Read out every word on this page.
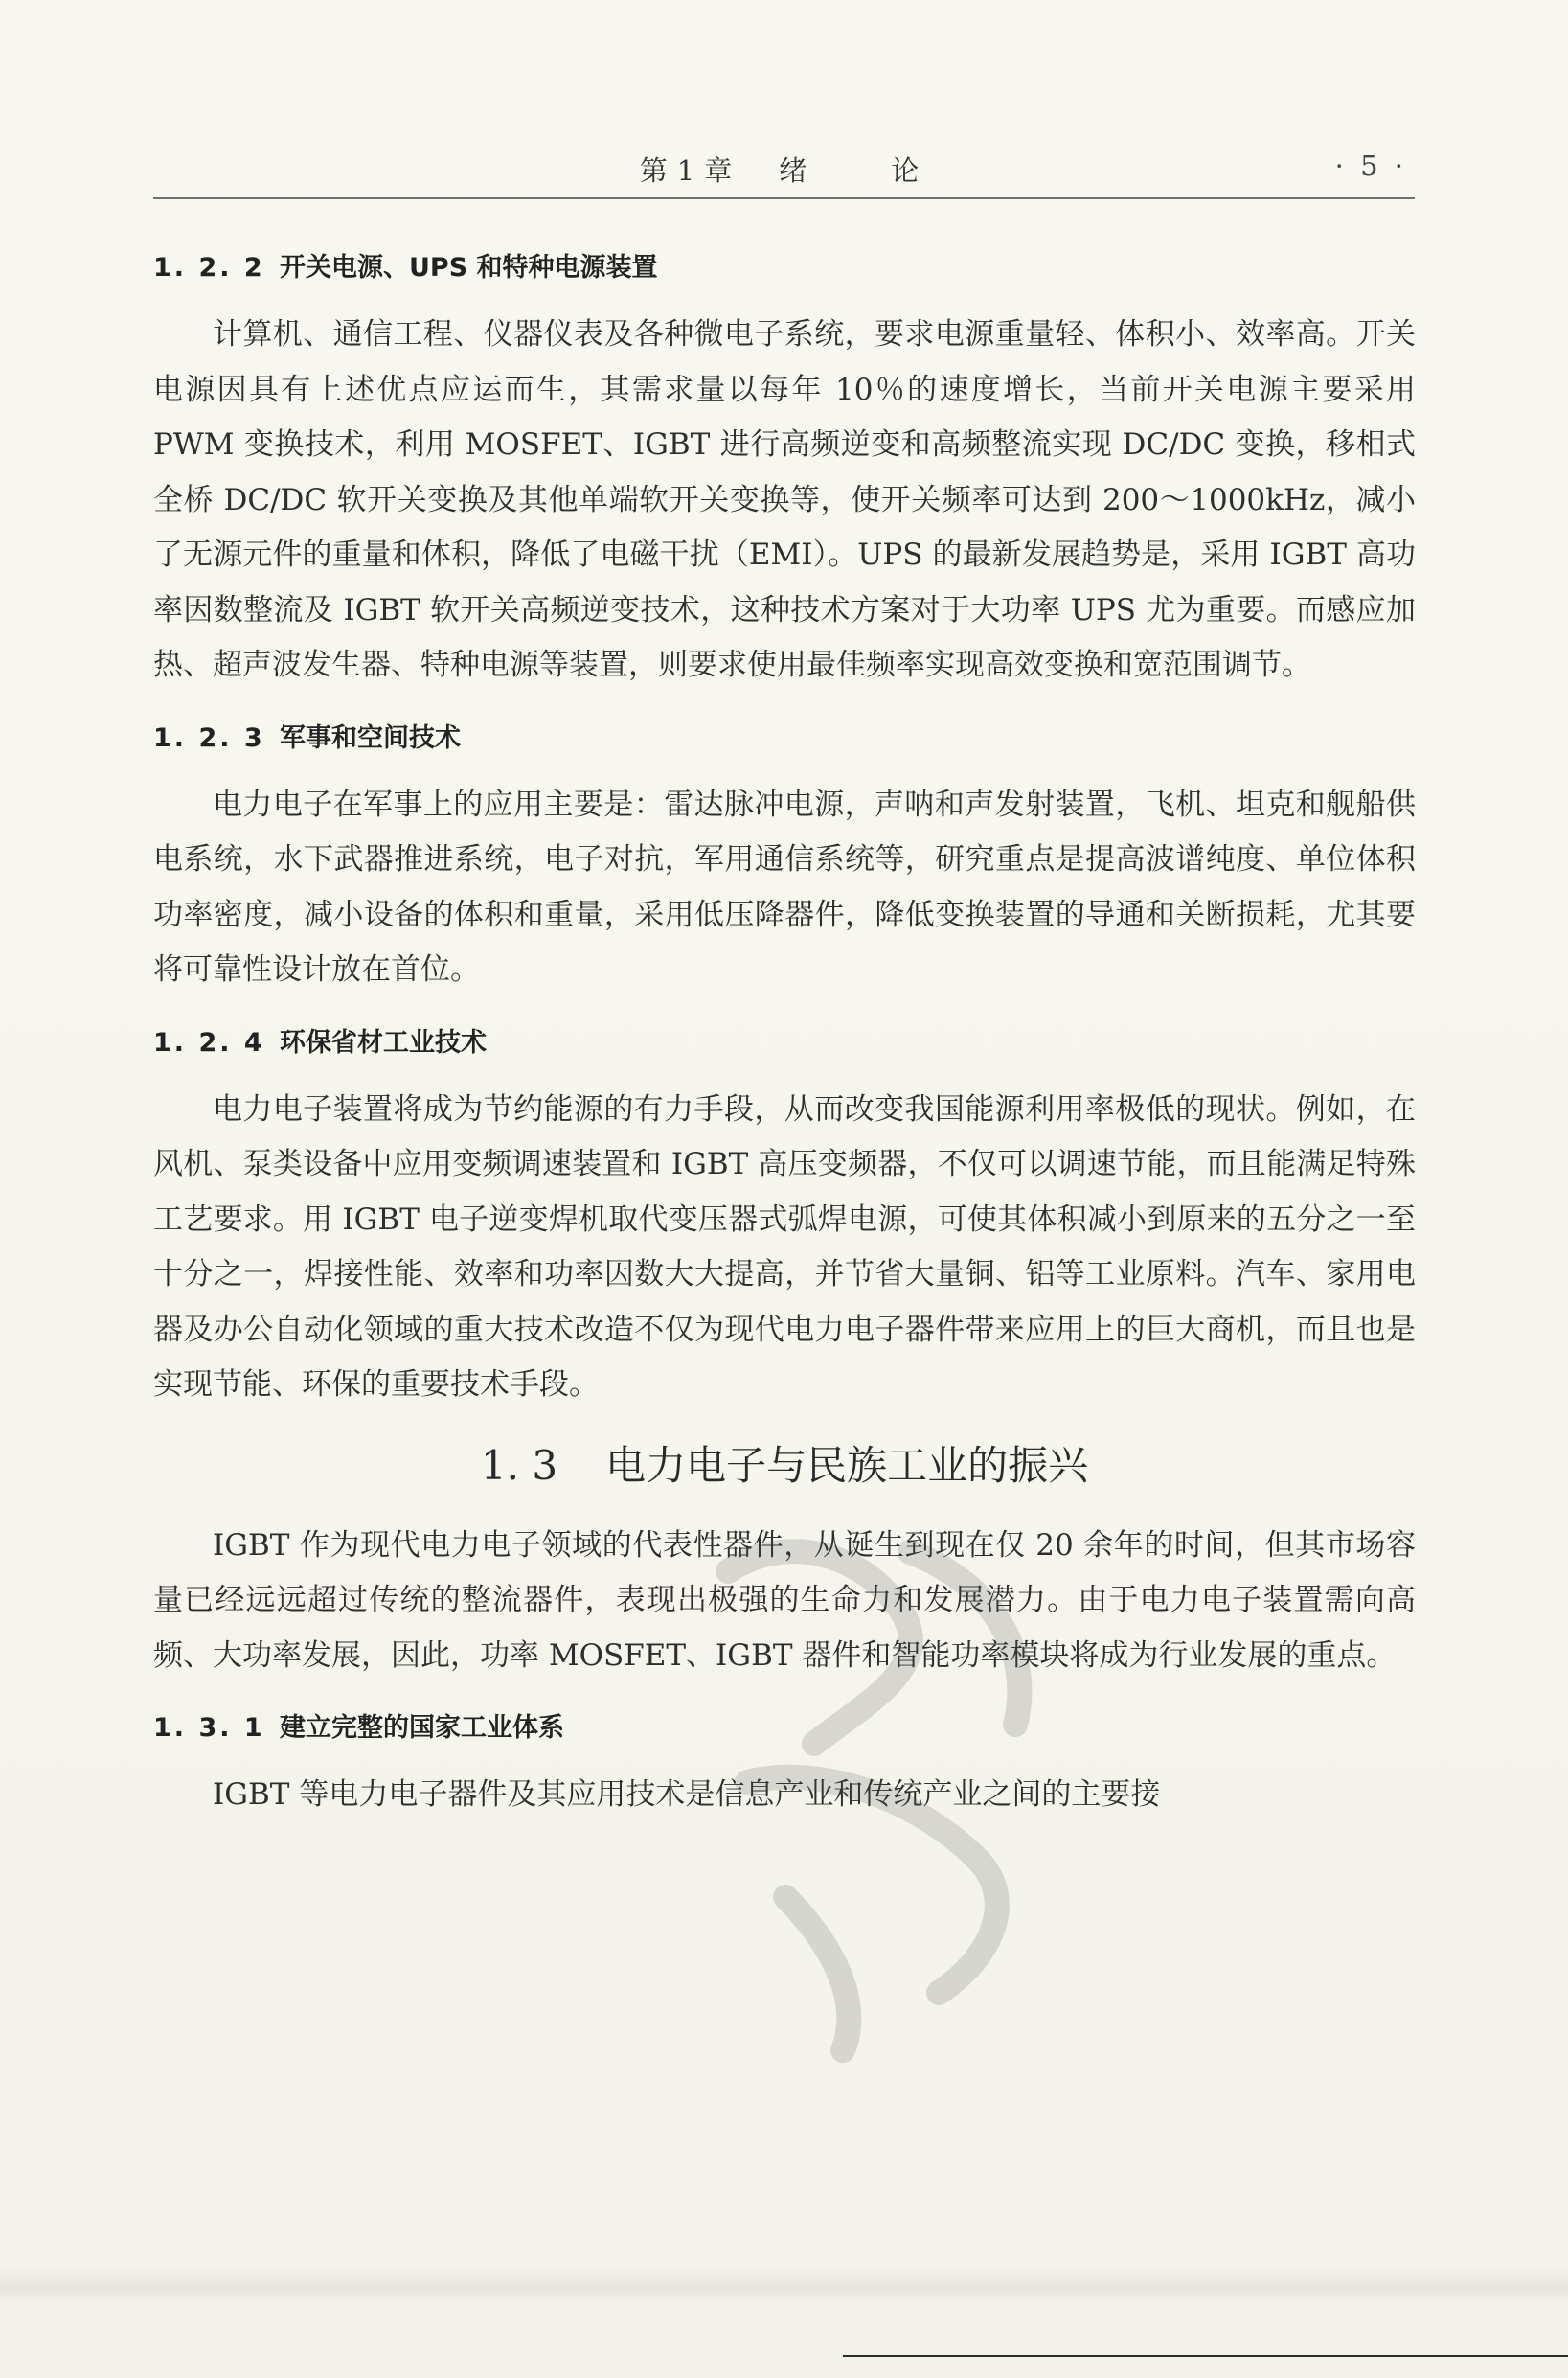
第1章　绪　　论	· 5 ·
1. 2. 2 开关电源、UPS 和特种电源装置

计算机、通信工程、仪器仪表及各种微电子系统，要求电源重量轻、体积小、效率高。开关电源因具有上述优点应运而生，其需求量以每年 10％的速度增长，当前开关电源主要采用 PWM 变换技术，利用 MOSFET、IGBT 进行高频逆变和高频整流实现 DC/DC 变换，移相式全桥 DC/DC 软开关变换及其他单端软开关变换等，使开关频率可达到 200～1000kHz，减小了无源元件的重量和体积，降低了电磁干扰（EMI）。UPS 的最新发展趋势是，采用 IGBT 高功率因数整流及 IGBT 软开关高频逆变技术，这种技术方案对于大功率 UPS 尤为重要。而感应加热、超声波发生器、特种电源等装置，则要求使用最佳频率实现高效变换和宽范围调节。

1. 2. 3 军事和空间技术

电力电子在军事上的应用主要是：雷达脉冲电源，声呐和声发射装置，飞机、坦克和舰船供电系统，水下武器推进系统，电子对抗，军用通信系统等，研究重点是提高波谱纯度、单位体积功率密度，减小设备的体积和重量，采用低压降器件，降低变换装置的导通和关断损耗，尤其要将可靠性设计放在首位。

1. 2. 4 环保省材工业技术

电力电子装置将成为节约能源的有力手段，从而改变我国能源利用率极低的现状。例如，在风机、泵类设备中应用变频调速装置和 IGBT 高压变频器，不仅可以调速节能，而且能满足特殊工艺要求。用 IGBT 电子逆变焊机取代变压器式弧焊电源，可使其体积减小到原来的五分之一至十分之一，焊接性能、效率和功率因数大大提高，并节省大量铜、铝等工业原料。汽车、家用电器及办公自动化领域的重大技术改造不仅为现代电力电子器件带来应用上的巨大商机，而且也是实现节能、环保的重要技术手段。

1. 3 电力电子与民族工业的振兴

IGBT 作为现代电力电子领域的代表性器件，从诞生到现在仅 20 余年的时间，但其市场容量已经远远超过传统的整流器件，表现出极强的生命力和发展潜力。由于电力电子装置需向高频、大功率发展，因此，功率 MOSFET、IGBT 器件和智能功率模块将成为行业发展的重点。

1. 3. 1 建立完整的国家工业体系

IGBT 等电力电子器件及其应用技术是信息产业和传统产业之间的主要接
